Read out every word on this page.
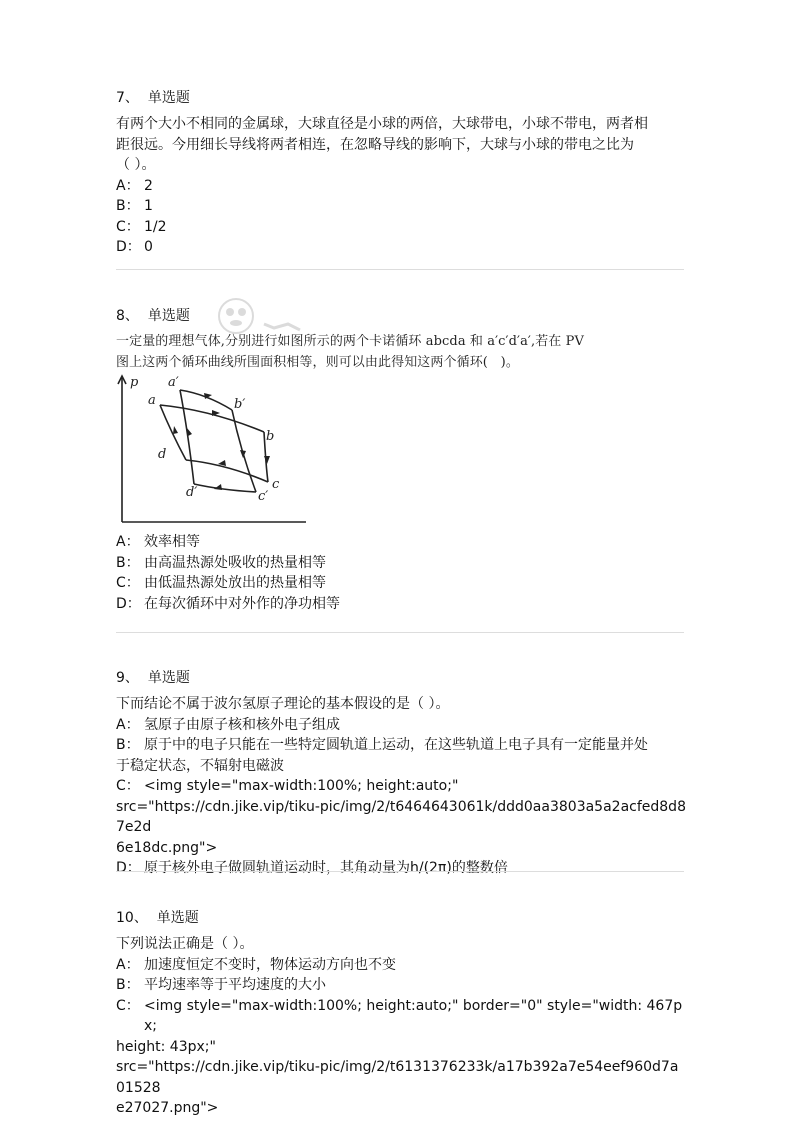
7、 单选题
有两个大小不相同的金属球，大球直径是小球的两倍，大球带电，小球不带电，两者相
距很远。今用细长导线将两者相连，在忽略导线的影响下，大球与小球的带电之比为
（ ）。
A： 2
B： 1
C： 1/2
D： 0
8、 单选题
一定量的理想气体,分别进行如图所示的两个卡诺循环 abcda 和 a′c′d′a′,若在 PV
图上这两个循环曲线所围面积相等，则可以由此得知这两个循环(   )。
p
a
a′
b′
b
d
c
d′	c′
A： 效率相等
B： 由高温热源处吸收的热量相等
C： 由低温热源处放出的热量相等
D： 在每次循环中对外作的净功相等
9、 单选题
下而结论不属于波尔氢原子理论的基本假设的是（ ）。
A： 氢原子由原子核和核外电子组成
B： 原于中的电子只能在一些特定圆轨道上运动，在这些轨道上电子具有一定能量并处
于稳定状态，不辐射电磁波
C： <img style="max-width:100%; height:auto;"
src="https://cdn.jike.vip/tiku-pic/img/2/t6464643061k/ddd0aa3803a5a2acfed8d87e2d
6e18dc.png">
D： 原于核外电子做圆轨道运动时，其角动量为h/(2π)的整数倍
10、 单选题
下列说法正确是（ ）。
A： 加速度恒定不变时，物体运动方向也不变
B： 平均速率等于平均速度的大小
C： <img style="max-width:100%; height:auto;" border="0" style="width: 467px;
height: 43px;"
src="https://cdn.jike.vip/tiku-pic/img/2/t6131376233k/a17b392a7e54eef960d7a01528
e27027.png">
